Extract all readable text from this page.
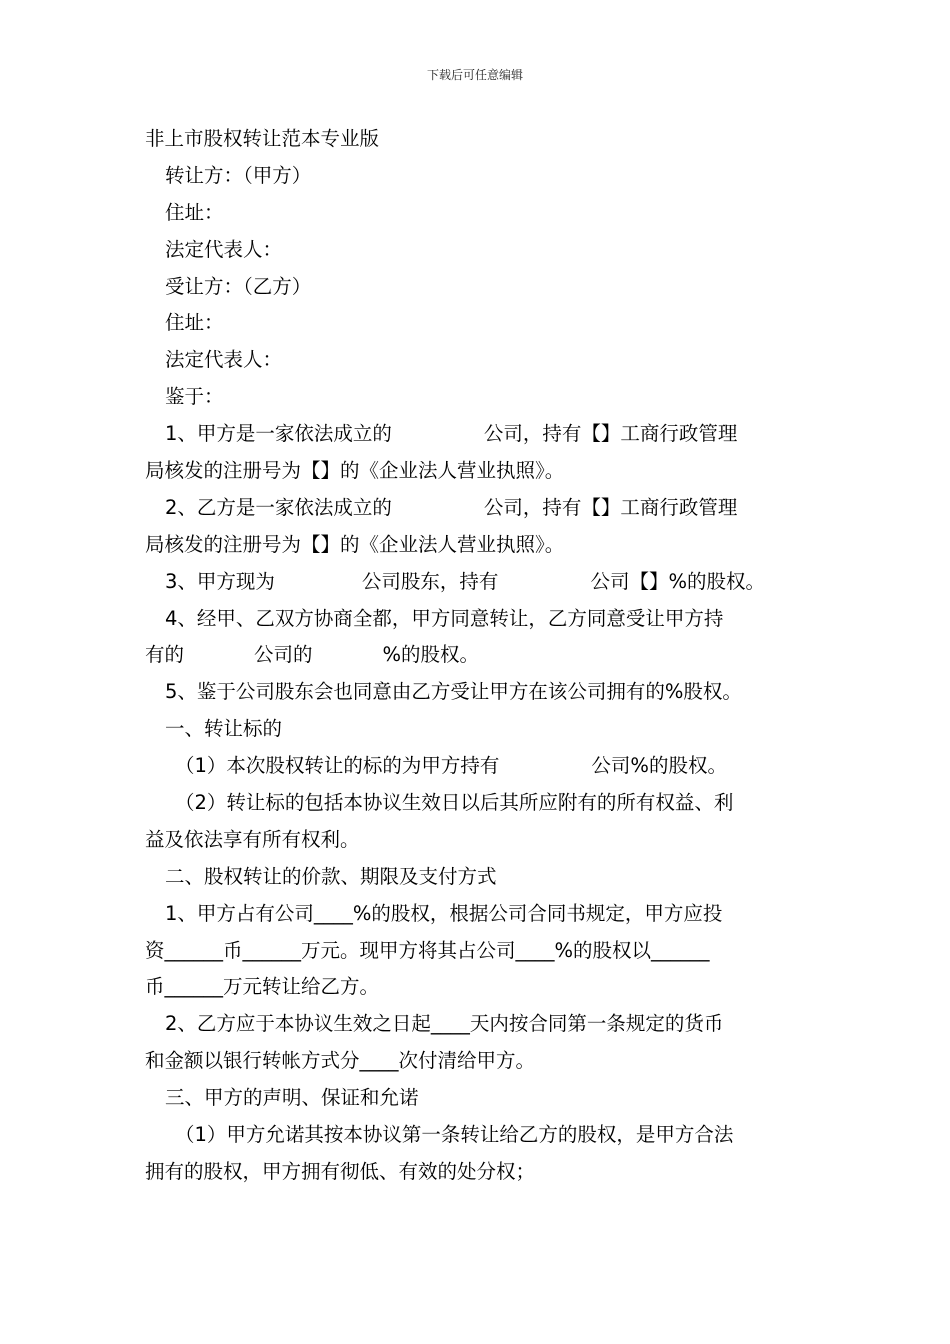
下载后可任意编辑
非上市股权转让范本专业版
转让方：（甲方）
住址：
法定代表人：
受让方：（乙方）
住址：
法定代表人：
鉴于：
1、甲方是一家依法成立的	公司，持有【】工商行政管理
局核发的注册号为【】的《企业法人营业执照》。
2、乙方是一家依法成立的	公司，持有【】工商行政管理
局核发的注册号为【】的《企业法人营业执照》。
3、甲方现为	公司股东，持有	公司【】%的股权。
4、经甲、乙双方协商全都，甲方同意转让，乙方同意受让甲方持
有的	公司的	%的股权。
5、鉴于公司股东会也同意由乙方受让甲方在该公司拥有的%股权。
一、转让标的
（1）本次股权转让的标的为甲方持有	公司%的股权。
（2）转让标的包括本协议生效日以后其所应附有的所有权益、利
益及依法享有所有权利。
二、股权转让的价款、期限及支付方式
1、甲方占有公司____%的股权，根据公司合同书规定，甲方应投
资______币______万元。现甲方将其占公司____%的股权以______
币______万元转让给乙方。
2、乙方应于本协议生效之日起____天内按合同第一条规定的货币
和金额以银行转帐方式分____次付清给甲方。
三、甲方的声明、保证和允诺
（1）甲方允诺其按本协议第一条转让给乙方的股权，是甲方合法
拥有的股权，甲方拥有彻低、有效的处分权；
